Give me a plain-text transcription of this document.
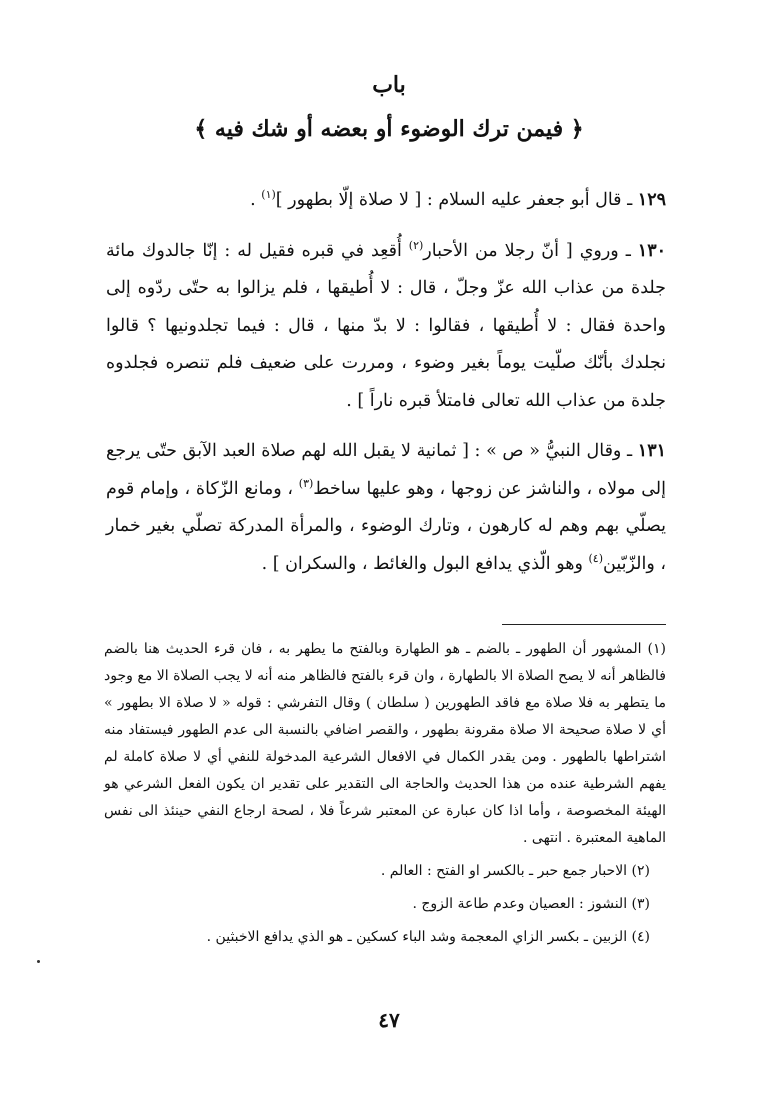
باب
﴿ فيمن ترك الوضوء أو بعضه أو شك فيه ﴾

١٢٩ ـ قال أبو جعفر عليه السلام : [ لا صلاة إلّا بطهور ]$^{(١)}$ .

١٣٠ ـ وروي [ أنّ رجلا من الأحبار$^{(٢)}$ أُقعِد في قبره فقيل له : إنّا جالدوك مائة جلدة من عذاب الله عزّ وجلّ ، قال : لا أُطيقها ، فلم يزالوا به حتّى ردّوه إلى واحدة فقال : لا أُطيقها ، فقالوا : لا بدّ منها ، قال : فيما تجلدونيها ؟ قالوا نجلدك بأنّك صلّيت يوماً بغير وضوء ، ومررت على ضعيف فلم تنصره فجلدوه جلدة من عذاب الله تعالى فامتلأ قبره ناراً ] .

١٣١ ـ وقال النبيُّ « ص » : [ ثمانية لا يقبل الله لهم صلاة العبد الآبق حتّى يرجع إلى مولاه ، والناشز عن زوجها ، وهو عليها ساخط$^{(٣)}$ ، ومانع الزّكاة ، وإمام قوم يصلّي بهم وهم له كارهون ، وتارك الوضوء ، والمرأة المدركة تصلّي بغير خمار ، والزّبّين$^{(٤)}$ وهو الّذي يدافع البول والغائط ، والسكران ] .

(١) المشهور أن الطهور ـ بالضم ـ هو الطهارة وبالفتح ما يطهر به ، فان قرء الحديث هنا بالضم فالظاهر أنه لا يصح الصلاة الا بالطهارة ، وان قرء بالفتح فالظاهر منه أنه لا يجب الصلاة الا مع وجود ما يتطهر به فلا صلاة مع فاقد الطهورين ( سلطان ) وقال التفرشي : قوله « لا صلاة الا بطهور » أي لا صلاة صحيحة الا صلاة مقرونة بطهور ، والقصر اضافي بالنسبة الى عدم الطهور فيستفاد منه اشتراطها بالطهور . ومن يقدر الكمال في الافعال الشرعية المدخولة للنفي أي لا صلاة كاملة لم يفهم الشرطية عنده من هذا الحديث والحاجة الى التقدير على تقدير ان يكون الفعل الشرعي هو الهيئة المخصوصة ، وأما اذا كان عبارة عن المعتبر شرعاً فلا ، لصحة ارجاع النفي حينئذ الى نفس الماهية المعتبرة . انتهى .

(٢) الاحبار جمع حبر ـ بالكسر او الفتح : العالم .

(٣) النشوز : العصيان وعدم طاعة الزوج .

(٤) الزبين ـ بكسر الزاي المعجمة وشد الباء كسكين ـ هو الذي يدافع الاخبثين .

٤٧
